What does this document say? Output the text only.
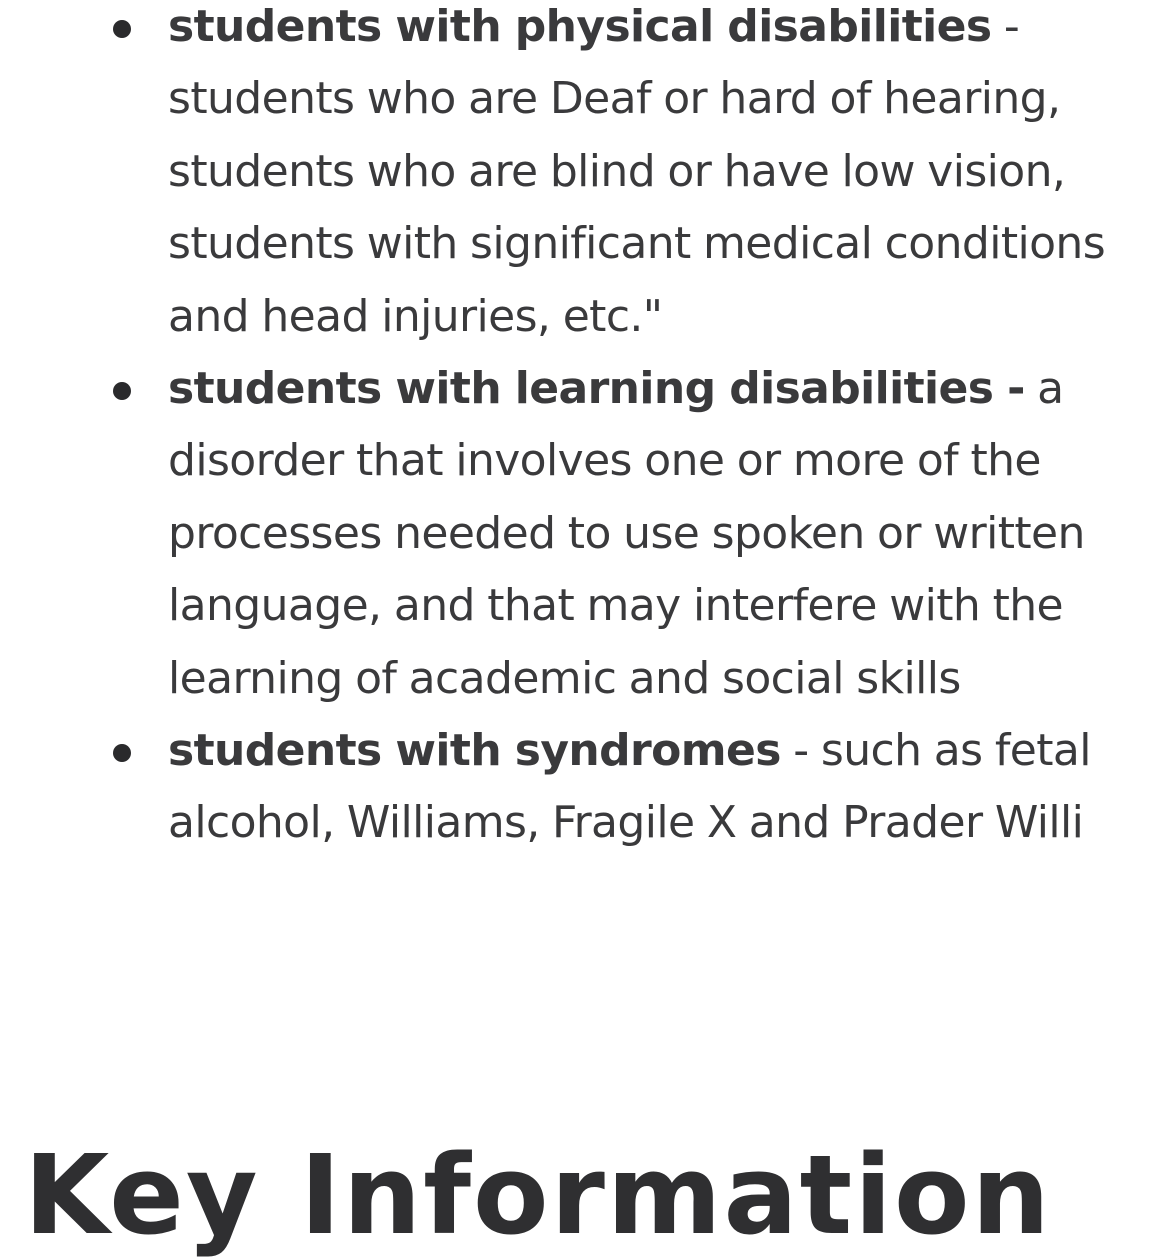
students with physical disabilities - students who are Deaf or hard of hearing, students who are blind or have low vision, students with significant medical conditions and head injuries, etc."
students with learning disabilities - a disorder that involves one or more of the processes needed to use spoken or written language, and that may interfere with the learning of academic and social skills
students with syndromes - such as fetal alcohol, Williams, Fragile X and Prader Willi
Key Information
